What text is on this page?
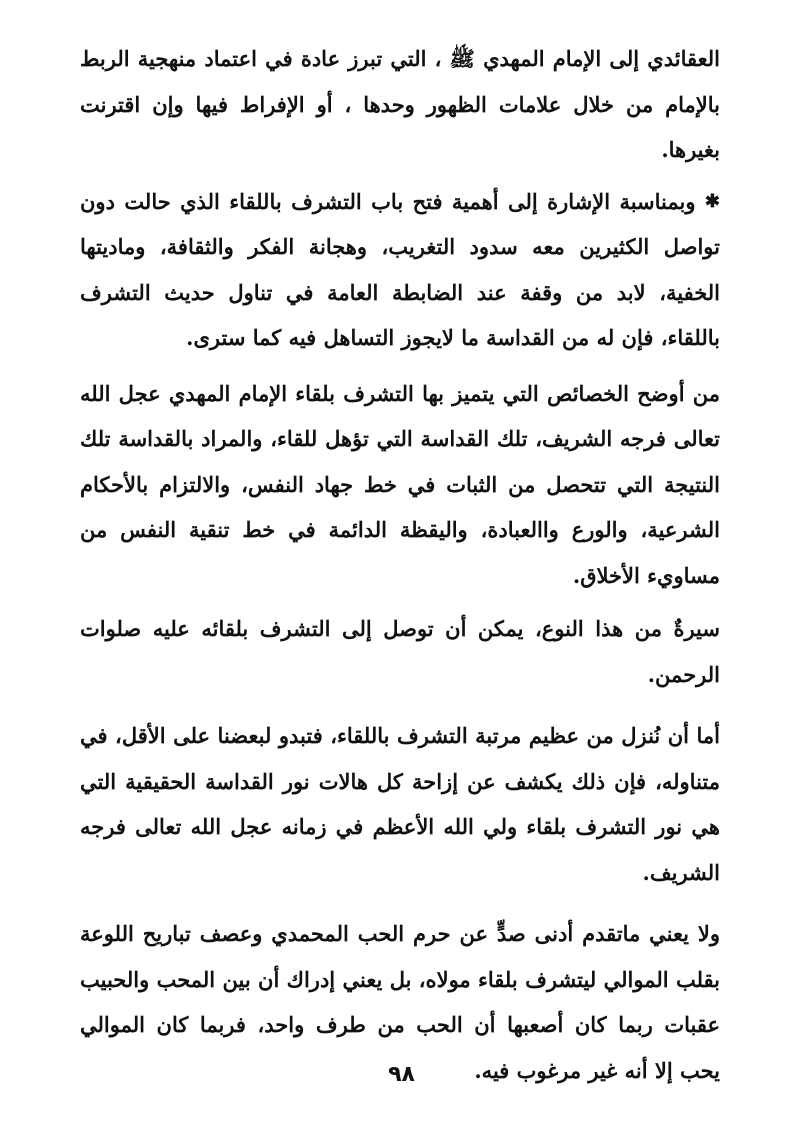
العقائدي إلى الإمام المهدي ﷺ ، التي تبرز عادة في اعتماد منهجية الربط بالإمام من خلال علامات الظهور وحدها ، أو الإفراط فيها وإن اقترنت بغيرها.

✱ وبمناسبة الإشارة إلى أهمية فتح باب التشرف باللقاء الذي حالت دون تواصل الكثيرين معه سدود التغريب، وهجانة الفكر والثقافة، وماديتها الخفية، لابد من وقفة عند الضابطة العامة في تناول حديث التشرف باللقاء، فإن له من القداسة ما لايجوز التساهل فيه كما سترى.

من أوضح الخصائص التي يتميز بها التشرف بلقاء الإمام المهدي عجل الله تعالى فرجه الشريف، تلك القداسة التي تؤهل للقاء، والمراد بالقداسة تلك النتيجة التي تتحصل من الثبات في خط جهاد النفس، والالتزام بالأحكام الشرعية، والورع واالعبادة، واليقظة الدائمة في خط تنقية النفس من مساويء الأخلاق.

سيرةٌ من هذا النوع، يمكن أن توصل إلى التشرف بلقائه عليه صلوات الرحمن.

أما أن نُنزل من عظيم مرتبة التشرف باللقاء، فتبدو لبعضنا على الأقل، في متناوله، فإن ذلك يكشف عن إزاحة كل هالات نور القداسة الحقيقية التي هي نور التشرف بلقاء ولي الله الأعظم في زمانه عجل الله تعالى فرجه الشريف.

ولا يعني ماتقدم أدنى صدٍّ عن حرم الحب المحمدي وعصف تباريح اللوعة بقلب الموالي ليتشرف بلقاء مولاه، بل يعني إدراك أن بين المحب والحبيب عقبات ربما كان أصعبها أن الحب من طرف واحد، فربما كان الموالي يحب إلا أنه غير مرغوب فيه.

٩٨
